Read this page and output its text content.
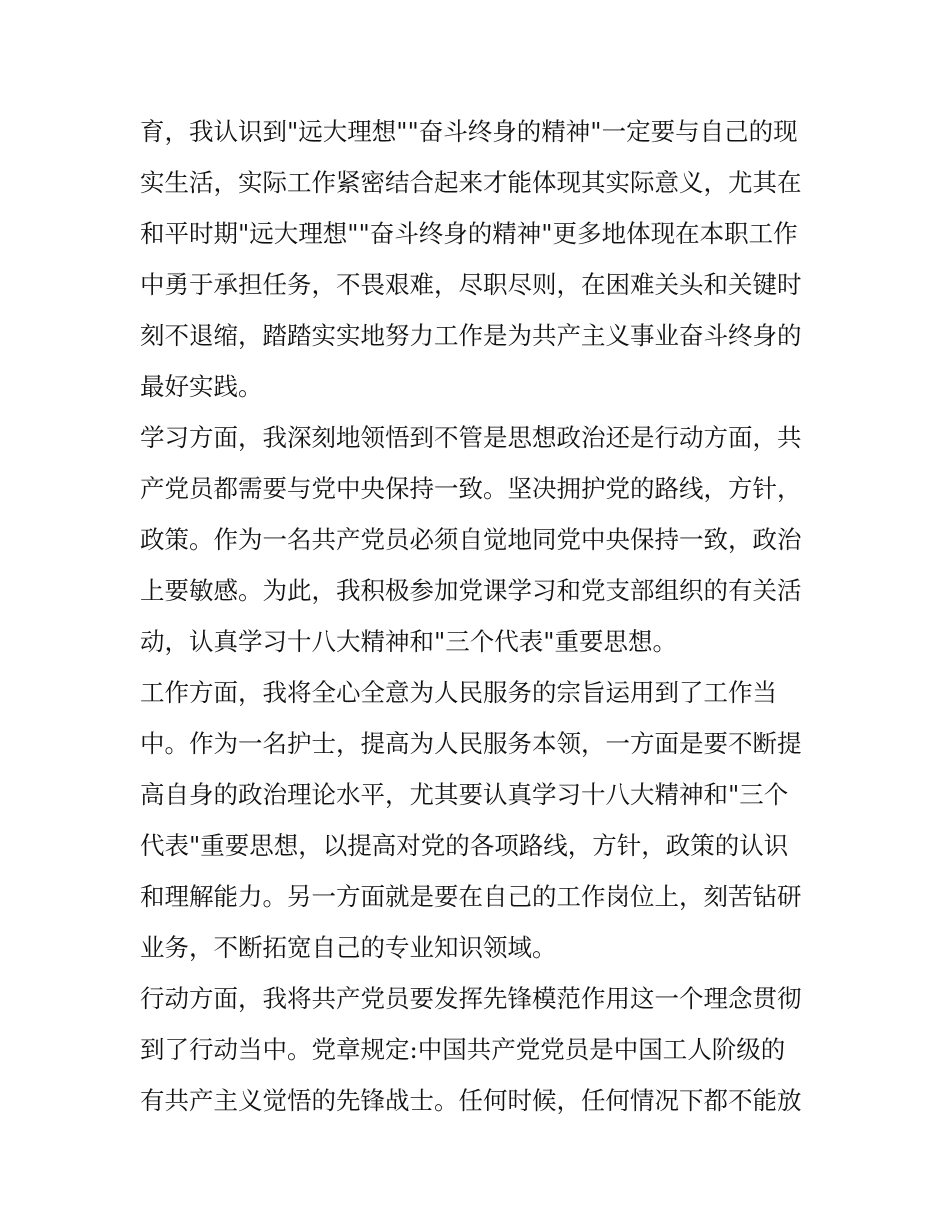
育，我认识到"远大理想""奋斗终身的精神"一定要与自己的现
实生活，实际工作紧密结合起来才能体现其实际意义，尤其在
和平时期"远大理想""奋斗终身的精神"更多地体现在本职工作
中勇于承担任务，不畏艰难，尽职尽则，在困难关头和关键时
刻不退缩，踏踏实实地努力工作是为共产主义事业奋斗终身的
最好实践。
学习方面，我深刻地领悟到不管是思想政治还是行动方面，共
产党员都需要与党中央保持一致。坚决拥护党的路线，方针，
政策。作为一名共产党员必须自觉地同党中央保持一致，政治
上要敏感。为此，我积极参加党课学习和党支部组织的有关活
动，认真学习十八大精神和"三个代表"重要思想。
工作方面，我将全心全意为人民服务的宗旨运用到了工作当
中。作为一名护士，提高为人民服务本领，一方面是要不断提
高自身的政治理论水平，尤其要认真学习十八大精神和"三个
代表"重要思想，以提高对党的各项路线，方针，政策的认识
和理解能力。另一方面就是要在自己的工作岗位上，刻苦钻研
业务，不断拓宽自己的专业知识领域。
行动方面，我将共产党员要发挥先锋模范作用这一个理念贯彻
到了行动当中。党章规定:中国共产党党员是中国工人阶级的
有共产主义觉悟的先锋战士。任何时候，任何情况下都不能放
